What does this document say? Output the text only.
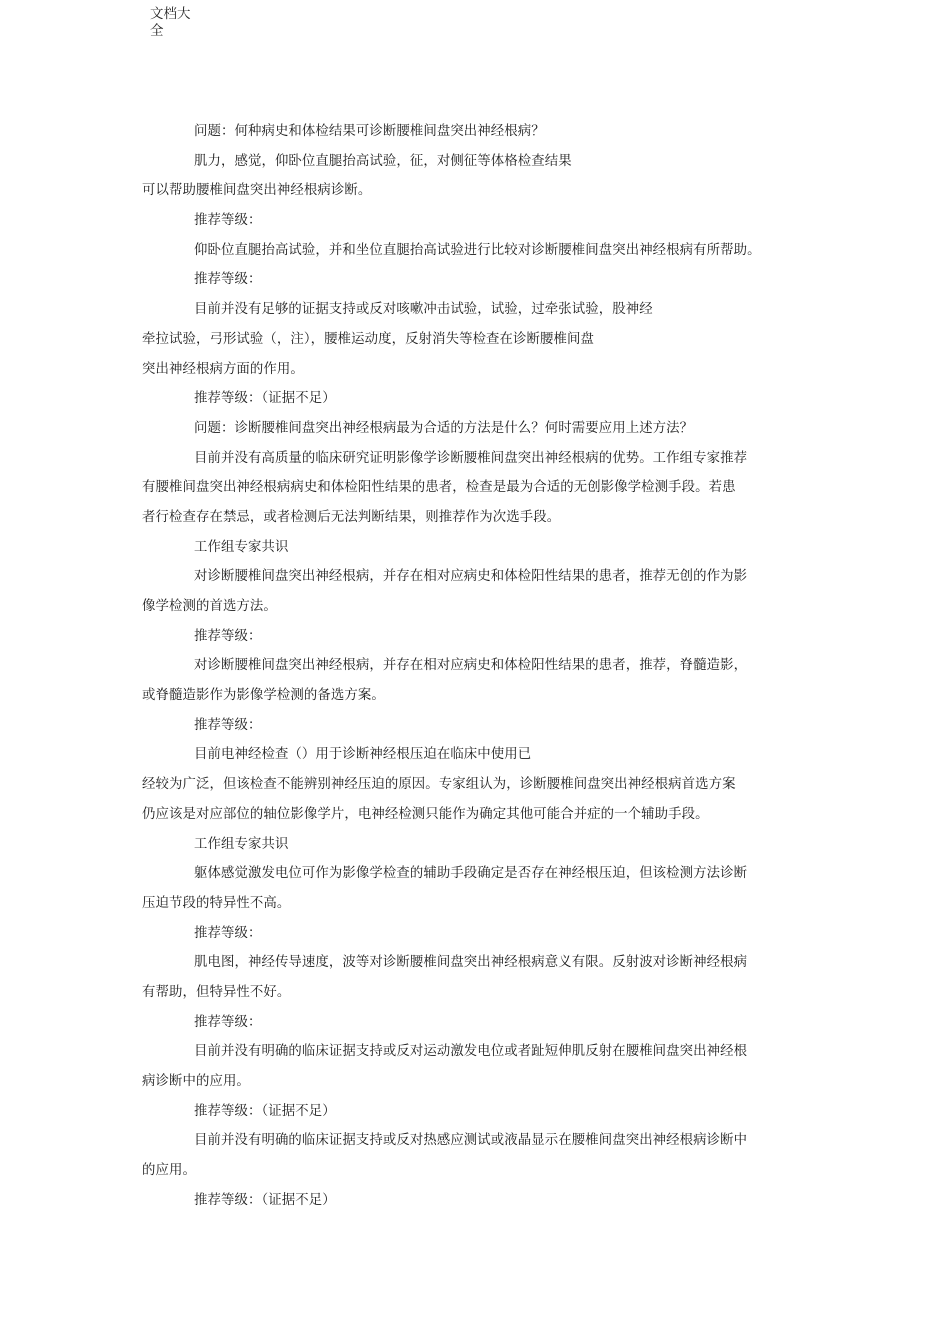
文档大
全
问题：何种病史和体检结果可诊断腰椎间盘突出神经根病？
肌力，感觉，仰卧位直腿抬高试验，征，对侧征等体格检查结果
可以帮助腰椎间盘突出神经根病诊断。
推荐等级：
仰卧位直腿抬高试验，并和坐位直腿抬高试验进行比较对诊断腰椎间盘突出神经根病有所帮助。
推荐等级：
目前并没有足够的证据支持或反对咳嗽冲击试验，试验，过牵张试验，股神经
牵拉试验，弓形试验（，注），腰椎运动度，反射消失等检查在诊断腰椎间盘
突出神经根病方面的作用。
推荐等级：（证据不足）
问题：诊断腰椎间盘突出神经根病最为合适的方法是什么？何时需要应用上述方法？
目前并没有高质量的临床研究证明影像学诊断腰椎间盘突出神经根病的优势。工作组专家推荐
有腰椎间盘突出神经根病病史和体检阳性结果的患者，检查是最为合适的无创影像学检测手段。若患
者行检查存在禁忌，或者检测后无法判断结果，则推荐作为次选手段。
工作组专家共识
对诊断腰椎间盘突出神经根病，并存在相对应病史和体检阳性结果的患者，推荐无创的作为影
像学检测的首选方法。
推荐等级：
对诊断腰椎间盘突出神经根病，并存在相对应病史和体检阳性结果的患者，推荐，脊髓造影，
或脊髓造影作为影像学检测的备选方案。
推荐等级：
目前电神经检查（）用于诊断神经根压迫在临床中使用已
经较为广泛，但该检查不能辨别神经压迫的原因。专家组认为，诊断腰椎间盘突出神经根病首选方案
仍应该是对应部位的轴位影像学片，电神经检测只能作为确定其他可能合并症的一个辅助手段。
工作组专家共识
躯体感觉激发电位可作为影像学检查的辅助手段确定是否存在神经根压迫，但该检测方法诊断
压迫节段的特异性不高。
推荐等级：
肌电图，神经传导速度，波等对诊断腰椎间盘突出神经根病意义有限。反射波对诊断神经根病
有帮助，但特异性不好。
推荐等级：
目前并没有明确的临床证据支持或反对运动激发电位或者趾短伸肌反射在腰椎间盘突出神经根
病诊断中的应用。
推荐等级：（证据不足）
目前并没有明确的临床证据支持或反对热感应测试或液晶显示在腰椎间盘突出神经根病诊断中
的应用。
推荐等级：（证据不足）
